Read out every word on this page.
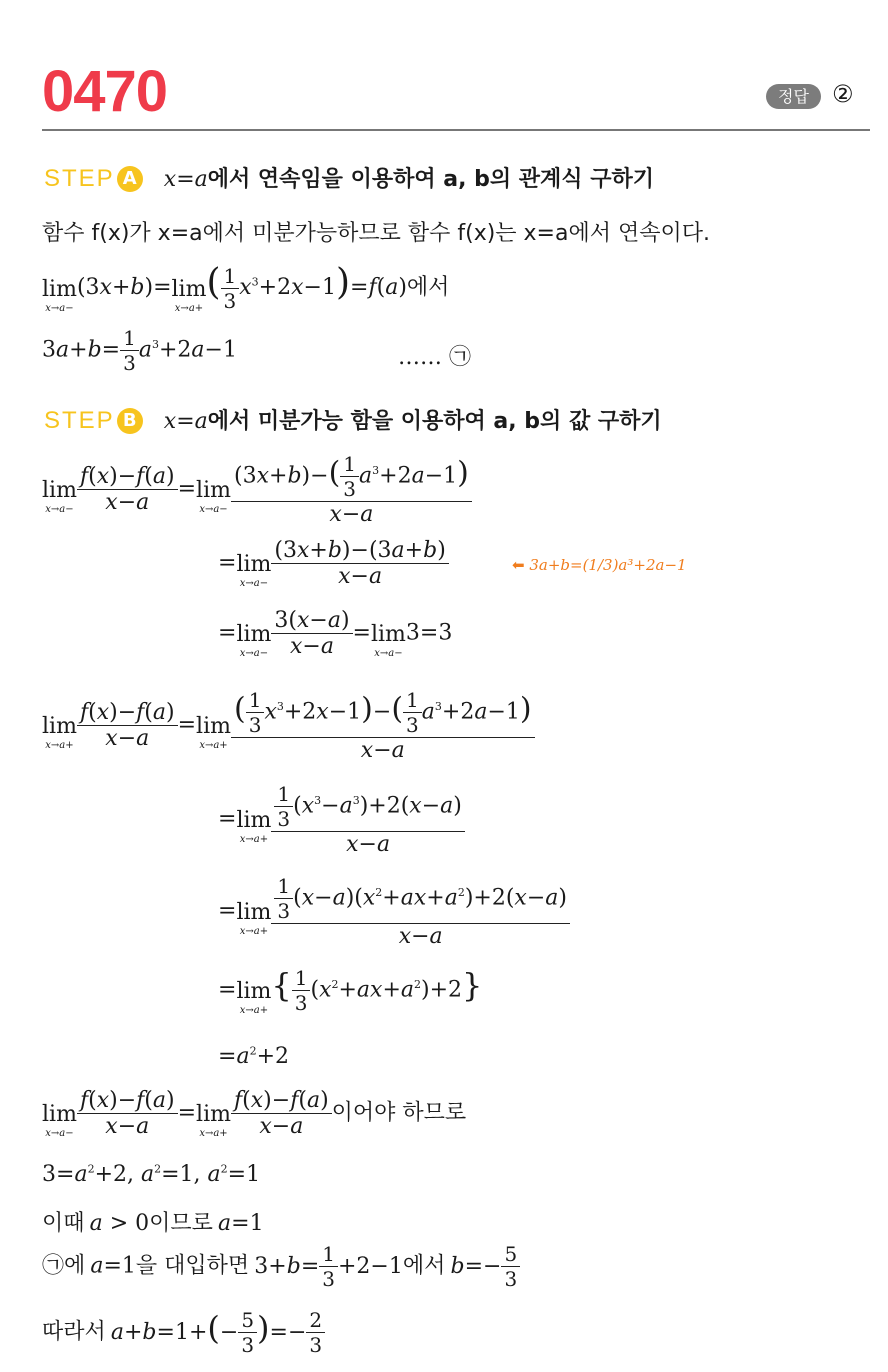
0470	정답 ②
STEP A x=a에서 연속임을 이용하여 a, b의 관계식 구하기
함수 f(x)가 x=a에서 미분가능하므로 함수 f(x)는 x=a에서 연속이다.
lim
x→a−
(3x+b)=lim
x→a+
( $\frac{1}{3} x^3+2x-1)=f(a)$에서
$3a+b= \frac{1}{3} a^3+2a-1$	…… ㉠
STEP B x=a에서 미분가능 함을 이용하여 a, b의 값 구하기
lim
$x\to a- \frac{f(x)-f(a)}{x-a} =\lim$
$x\to a- \frac{(3x+b)-( \frac{1}{3} a^3+2a-1)}{x-a}$
=lim
$x\to a- \frac{(3x+b)-(3a+b)}{x-a}$	⬅ 3a+b=(1/3)a³+2a−1
=lim
$x\to a- \frac{3(x-a)}{x-a} =\lim$
x→a−
3=3
lim
$x\to a+ \frac{f(x)-f(a)}{x-a} =\lim$
$x\to a+ \frac{( \frac{1}{3} x^3+2x-1)-( \frac{1}{3} a^3+2a-1)}{x-a}$
=lim
$x\to a+ \frac{\frac{1}{3} (x^3-a^3)+2(x-a)}{x-a}$
=lim
$x\to a+ \frac{\frac{1}{3} (x-a)(x^2+ax+a^2)+2(x-a)}{x-a}$
=lim
x→a+
{ $\frac{1}{3} (x^2+ax+a^2)+2$}
$=a^2+2$
lim
$x\to a- \frac{f(x)-f(a)}{x-a} =\lim$
$x\to a+ \frac{f(x)-f(a)}{x-a}$ 이어야 하므로
$3=a^2+2$, $a^2=1$, $a^2=1$
이때 a > 0이므로 a=1
㉠에 a=1을 대입하면 $3+b= \frac{1}{3} +2-1$에서 $b=- \frac{5}{3}$
따라서 $a+b=1+(- \frac{5}{3}$ )=− $\frac{2}{3}$
